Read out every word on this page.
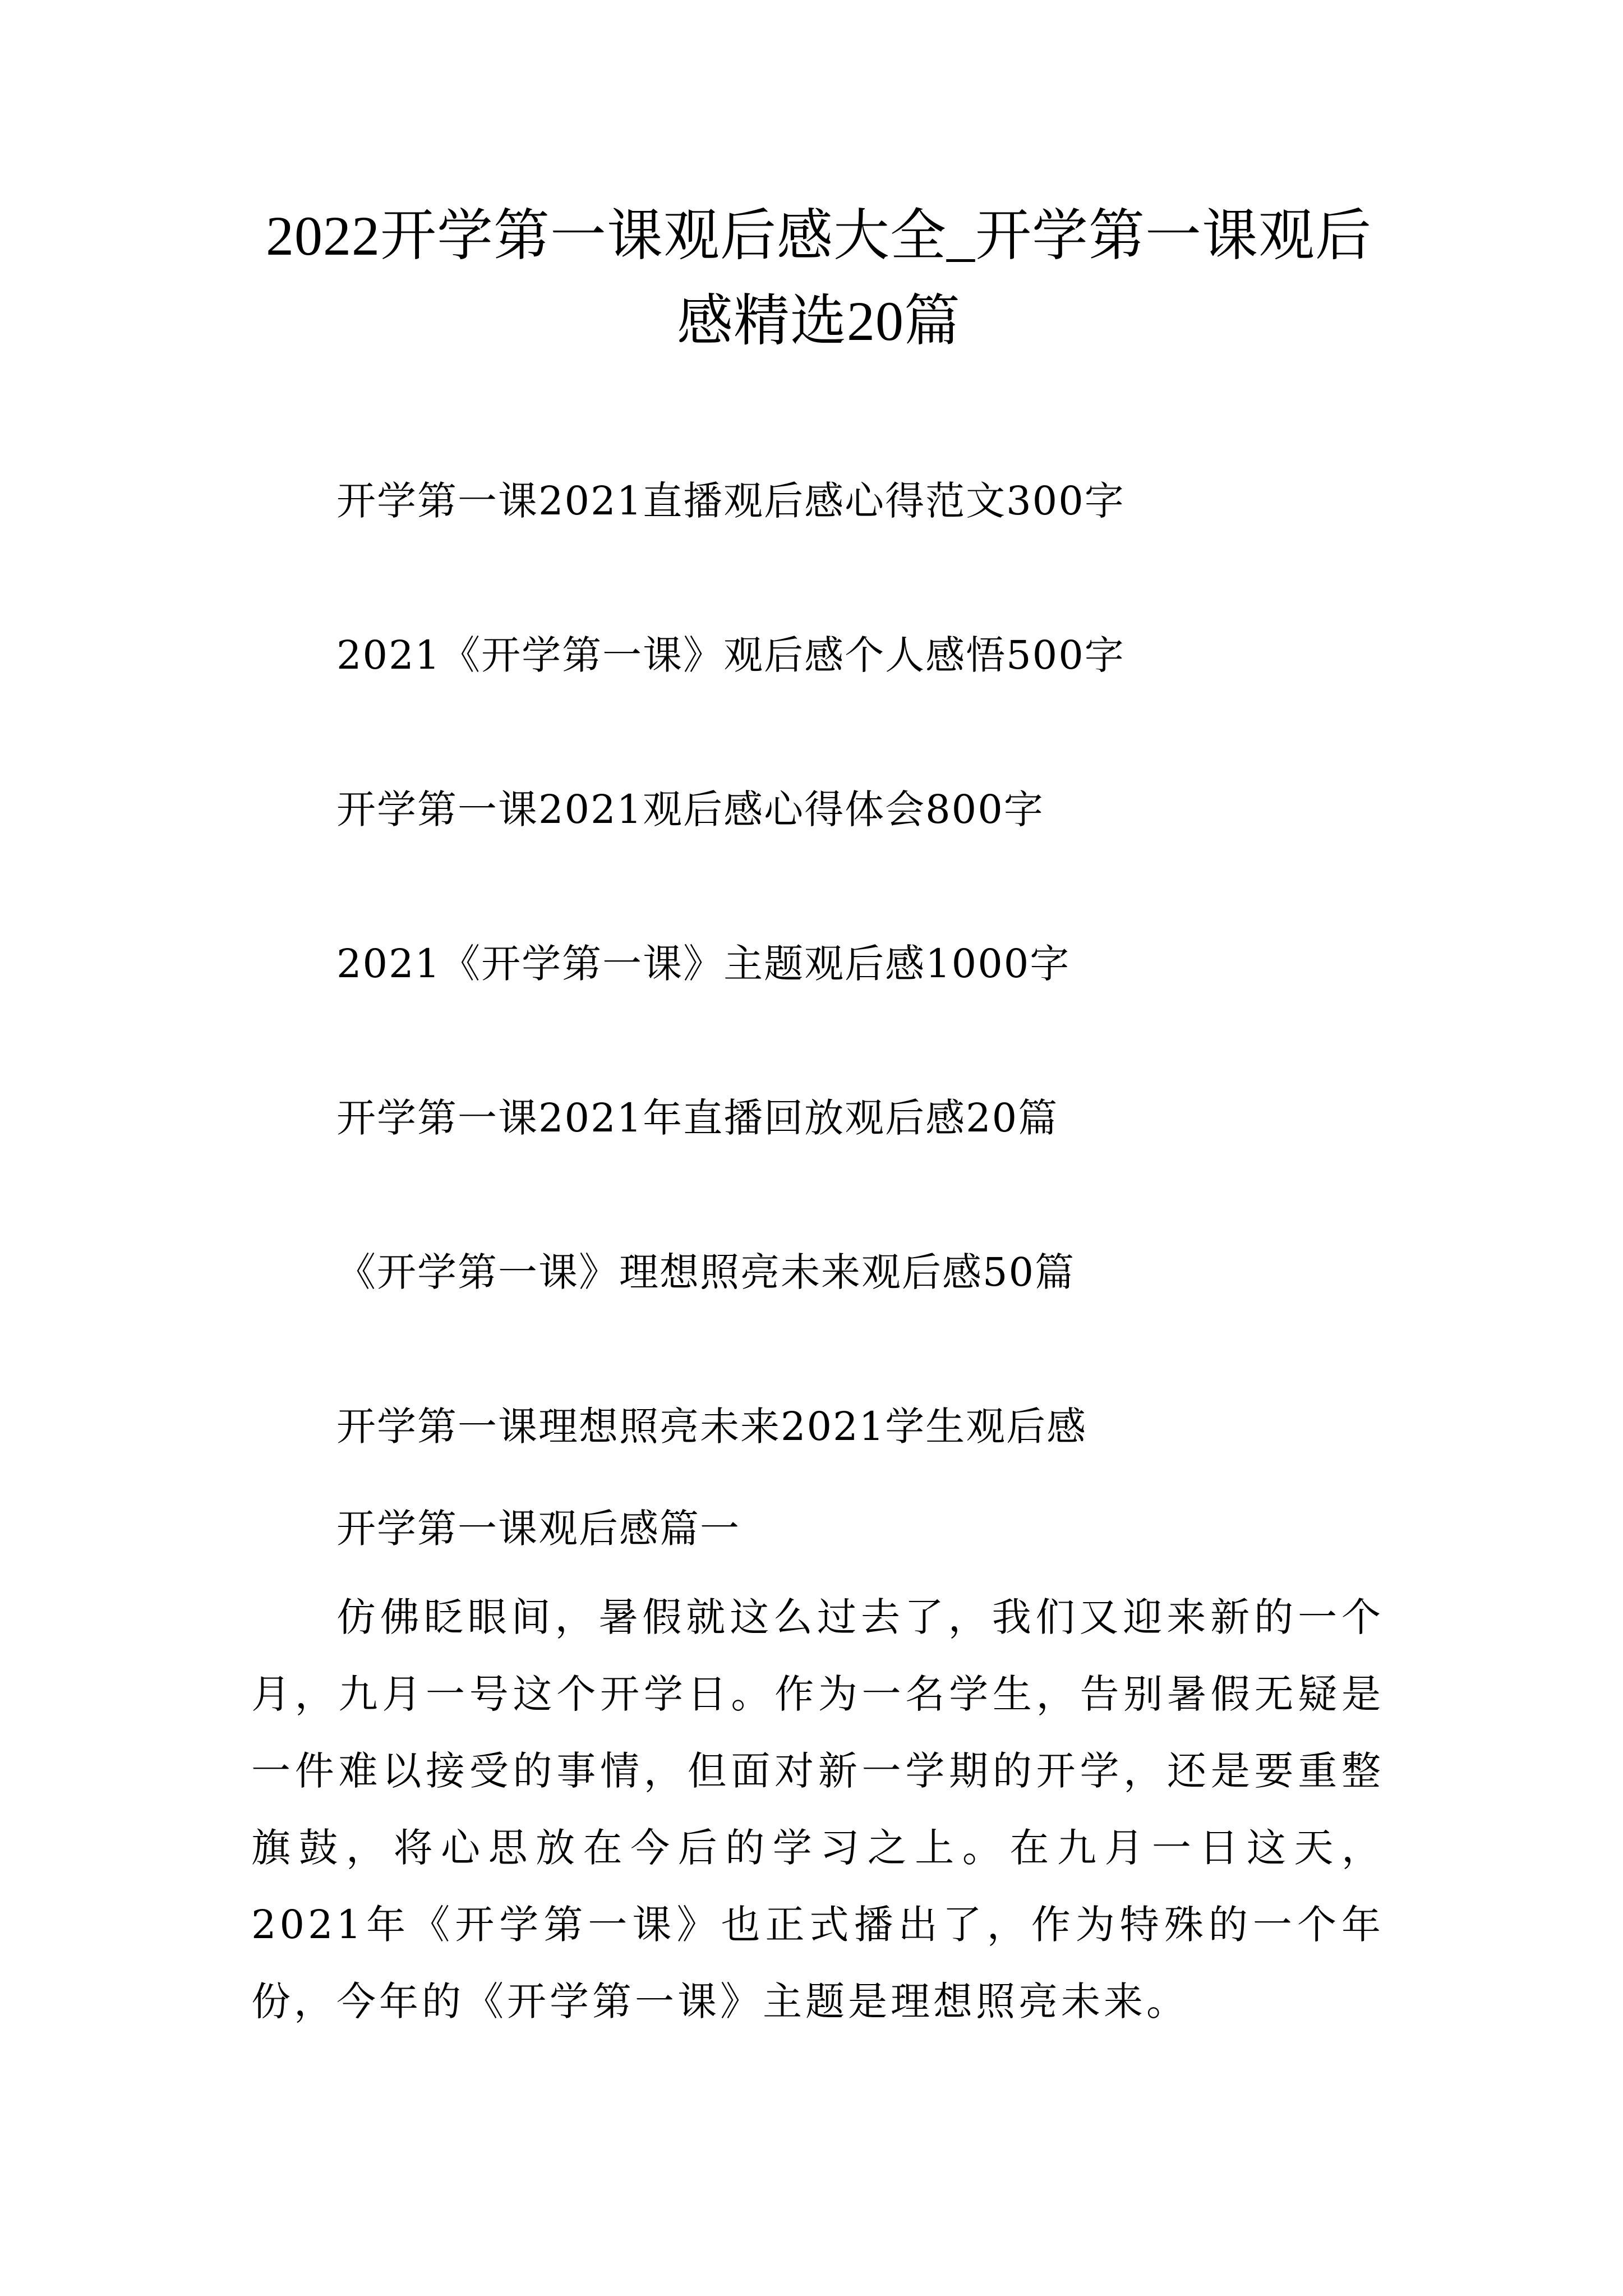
2022开学第一课观后感大全_开学第一课观后感精选20篇
开学第一课2021直播观后感心得范文300字
2021《开学第一课》观后感个人感悟500字
开学第一课2021观后感心得体会800字
2021《开学第一课》主题观后感1000字
开学第一课2021年直播回放观后感20篇
《开学第一课》理想照亮未来观后感50篇
开学第一课理想照亮未来2021学生观后感
开学第一课观后感篇一

仿佛眨眼间，暑假就这么过去了，我们又迎来新的一个月，九月一号这个开学日。作为一名学生，告别暑假无疑是一件难以接受的事情，但面对新一学期的开学，还是要重整旗鼓，将心思放在今后的学习之上。在九月一日这天，2021年《开学第一课》也正式播出了，作为特殊的一个年份，今年的《开学第一课》主题是理想照亮未来。
